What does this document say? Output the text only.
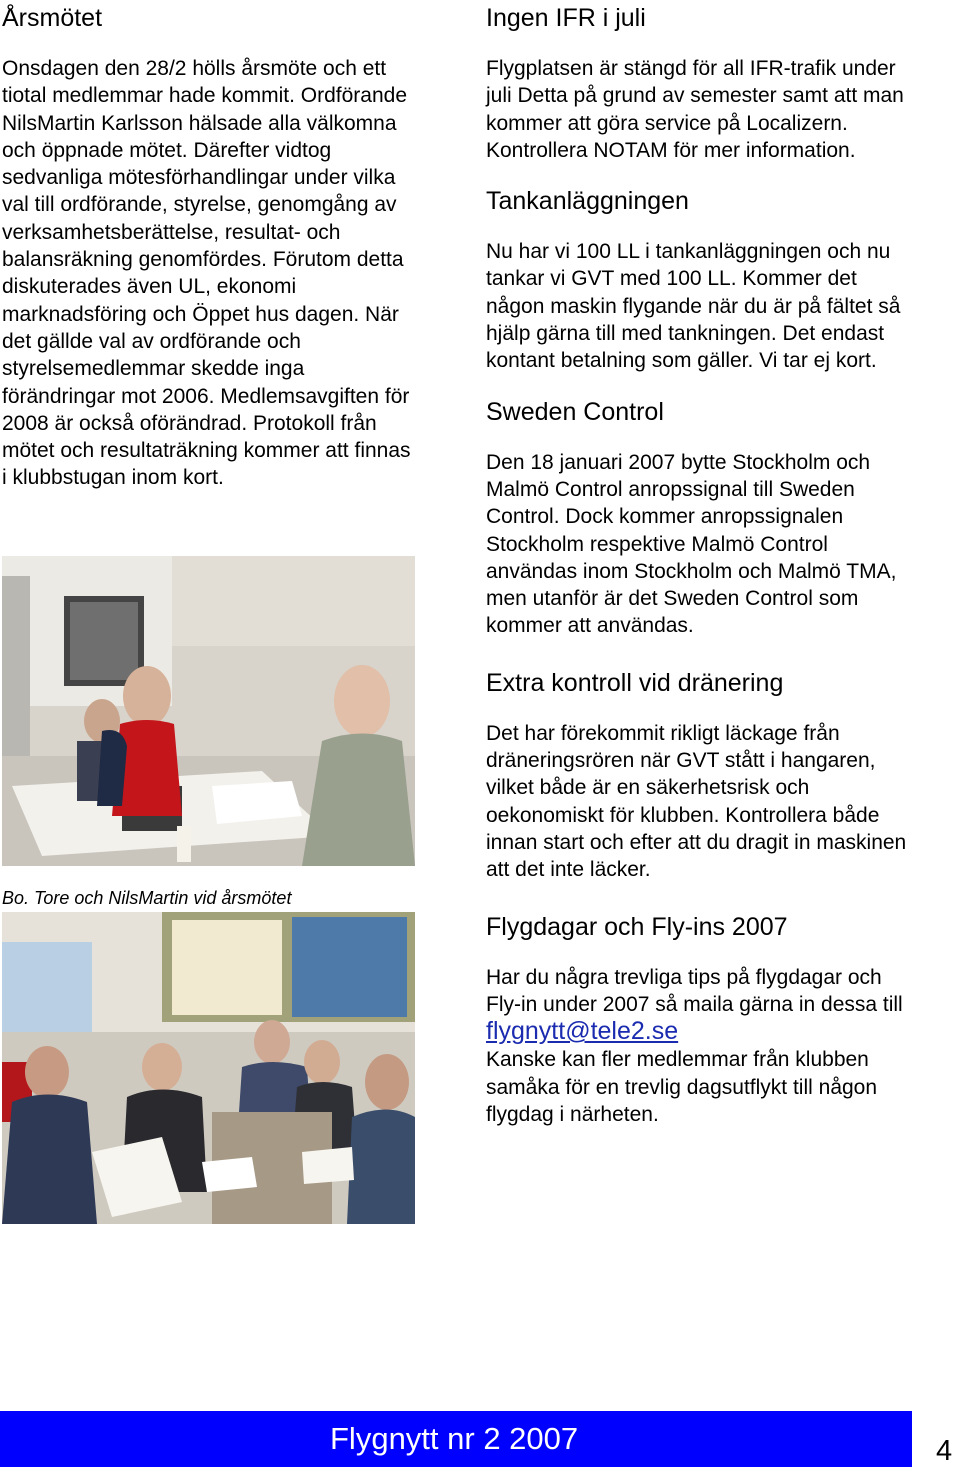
Årsmötet

Onsdagen den 28/2 hölls årsmöte och ett tiotal medlemmar hade kommit. Ordförande NilsMartin Karlsson hälsade alla välkomna och öppnade mötet. Därefter vidtog sedvanliga mötesförhandlingar under vilka val till ordförande, styrelse, genomgång av verksamhetsberättelse, resultat- och balansräkning genomfördes. Förutom detta diskuterades även UL, ekonomi marknadsföring och Öppet hus dagen. När det gällde val av ordförande och styrelsemedlemmar skedde inga förändringar mot 2006. Medlemsavgiften för 2008 är också oförändrad. Protokoll från mötet och resultaträkning kommer att finnas i klubbstugan inom kort.

Bo. Tore och NilsMartin vid årsmötet
Ingen IFR i juli

Flygplatsen är stängd för all IFR-trafik under juli Detta på grund av semester samt att man kommer att göra service på Localizern. Kontrollera NOTAM för mer information.

Tankanläggningen

Nu har vi 100 LL i tankanläggningen och nu tankar vi GVT med 100 LL. Kommer det någon maskin flygande när du är på fältet så hjälp gärna till med tankningen. Det endast kontant betalning som gäller. Vi tar ej kort.

Sweden Control

Den 18 januari 2007 bytte Stockholm och Malmö Control anropssignal till Sweden Control. Dock kommer anropssignalen Stockholm respektive Malmö Control användas inom Stockholm och Malmö TMA, men utanför är det Sweden Control som kommer att användas.

Extra kontroll vid dränering

Det har förekommit rikligt läckage från dräneringsrören när GVT stått i hangaren, vilket både är en säkerhetsrisk och oekonomiskt för klubben. Kontrollera både innan start och efter att du dragit in maskinen att det inte läcker.

Flygdagar och Fly-ins 2007

Har du några trevliga tips på flygdagar och Fly-in under 2007 så maila gärna in dessa till flygnytt@tele2.se
Kanske kan fler medlemmar från klubben samåka för en trevlig dagsutflykt till någon flygdag i närheten.

Flygnytt nr 2 2007	4
